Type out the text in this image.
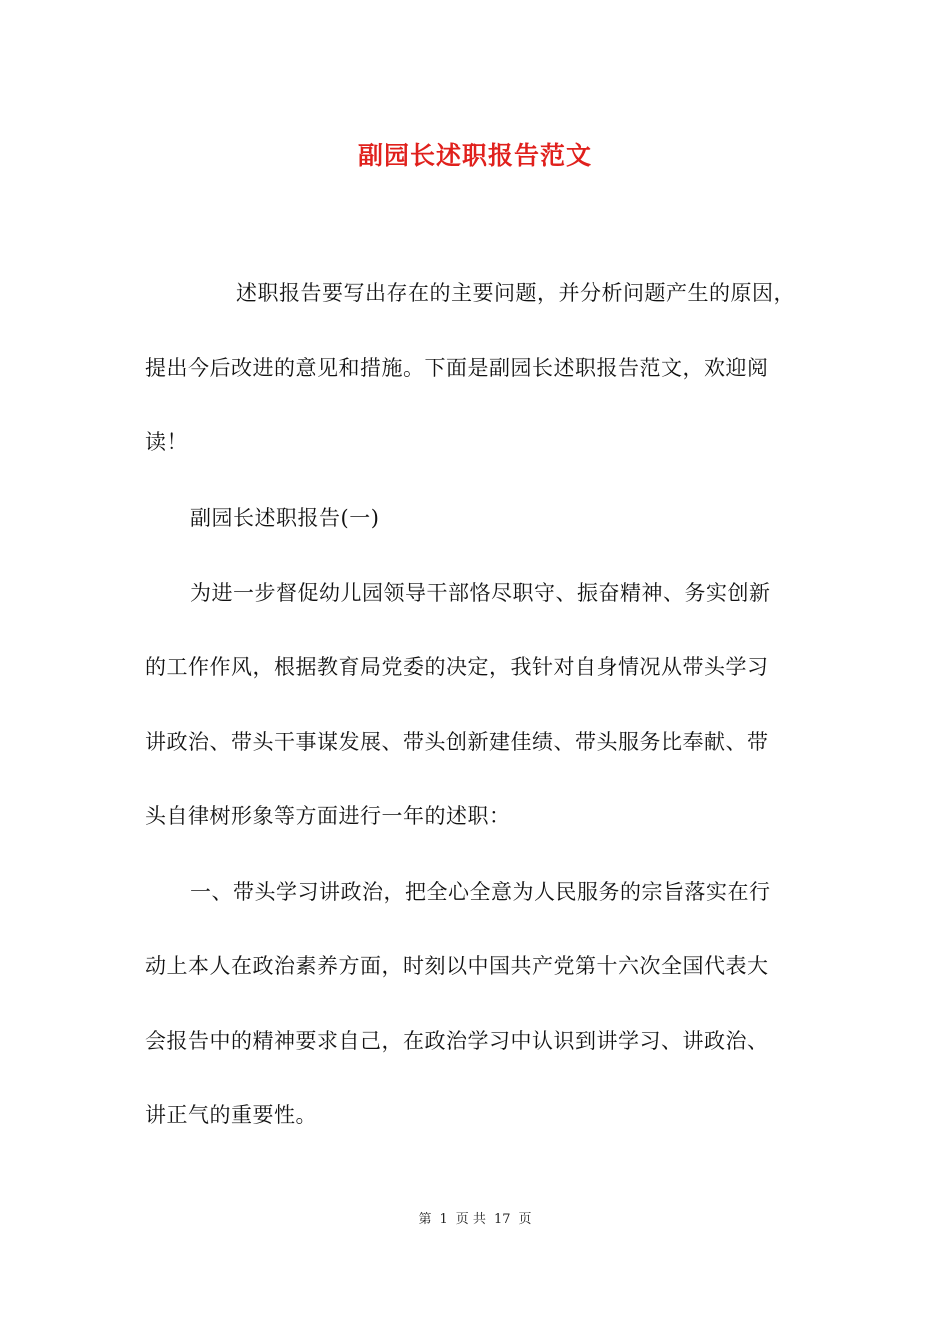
副园长述职报告范文
述职报告要写出存在的主要问题，并分析问题产生的原因，
提出今后改进的意见和措施。下面是副园长述职报告范文，欢迎阅
读！
副园长述职报告(一)
为进一步督促幼儿园领导干部恪尽职守、振奋精神、务实创新
的工作作风，根据教育局党委的决定，我针对自身情况从带头学习
讲政治、带头干事谋发展、带头创新建佳绩、带头服务比奉献、带
头自律树形象等方面进行一年的述职：
一、带头学习讲政治，把全心全意为人民服务的宗旨落实在行
动上本人在政治素养方面，时刻以中国共产党第十六次全国代表大
会报告中的精神要求自己，在政治学习中认识到讲学习、讲政治、
讲正气的重要性。
第 1 页 共 17 页
